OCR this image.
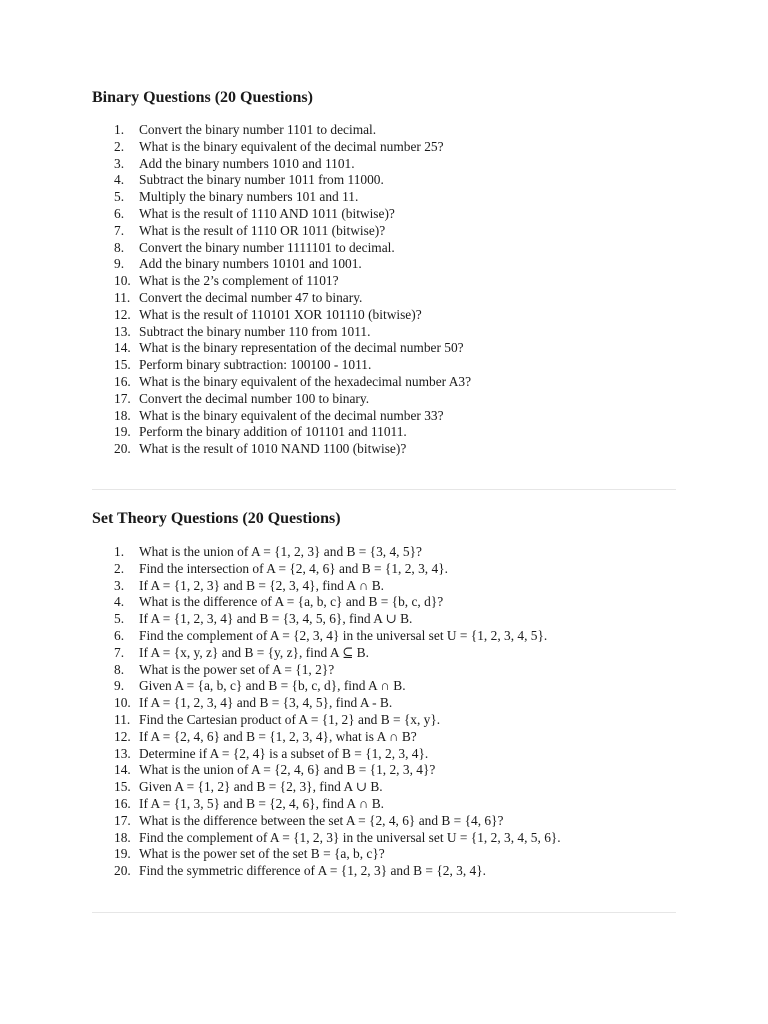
Binary Questions (20 Questions)
1. Convert the binary number 1101 to decimal.
2. What is the binary equivalent of the decimal number 25?
3. Add the binary numbers 1010 and 1101.
4. Subtract the binary number 1011 from 11000.
5. Multiply the binary numbers 101 and 11.
6. What is the result of 1110 AND 1011 (bitwise)?
7. What is the result of 1110 OR 1011 (bitwise)?
8. Convert the binary number 1111101 to decimal.
9. Add the binary numbers 10101 and 1001.
10. What is the 2’s complement of 1101?
11. Convert the decimal number 47 to binary.
12. What is the result of 110101 XOR 101110 (bitwise)?
13. Subtract the binary number 110 from 1011.
14. What is the binary representation of the decimal number 50?
15. Perform binary subtraction: 100100 - 1011.
16. What is the binary equivalent of the hexadecimal number A3?
17. Convert the decimal number 100 to binary.
18. What is the binary equivalent of the decimal number 33?
19. Perform the binary addition of 101101 and 11011.
20. What is the result of 1010 NAND 1100 (bitwise)?
Set Theory Questions (20 Questions)
1. What is the union of A = {1, 2, 3} and B = {3, 4, 5}?
2. Find the intersection of A = {2, 4, 6} and B = {1, 2, 3, 4}.
3. If A = {1, 2, 3} and B = {2, 3, 4}, find A ∩ B.
4. What is the difference of A = {a, b, c} and B = {b, c, d}?
5. If A = {1, 2, 3, 4} and B = {3, 4, 5, 6}, find A ∪ B.
6. Find the complement of A = {2, 3, 4} in the universal set U = {1, 2, 3, 4, 5}.
7. If A = {x, y, z} and B = {y, z}, find A ⊆ B.
8. What is the power set of A = {1, 2}?
9. Given A = {a, b, c} and B = {b, c, d}, find A ∩ B.
10. If A = {1, 2, 3, 4} and B = {3, 4, 5}, find A - B.
11. Find the Cartesian product of A = {1, 2} and B = {x, y}.
12. If A = {2, 4, 6} and B = {1, 2, 3, 4}, what is A ∩ B?
13. Determine if A = {2, 4} is a subset of B = {1, 2, 3, 4}.
14. What is the union of A = {2, 4, 6} and B = {1, 2, 3, 4}?
15. Given A = {1, 2} and B = {2, 3}, find A ∪ B.
16. If A = {1, 3, 5} and B = {2, 4, 6}, find A ∩ B.
17. What is the difference between the set A = {2, 4, 6} and B = {4, 6}?
18. Find the complement of A = {1, 2, 3} in the universal set U = {1, 2, 3, 4, 5, 6}.
19. What is the power set of the set B = {a, b, c}?
20. Find the symmetric difference of A = {1, 2, 3} and B = {2, 3, 4}.
